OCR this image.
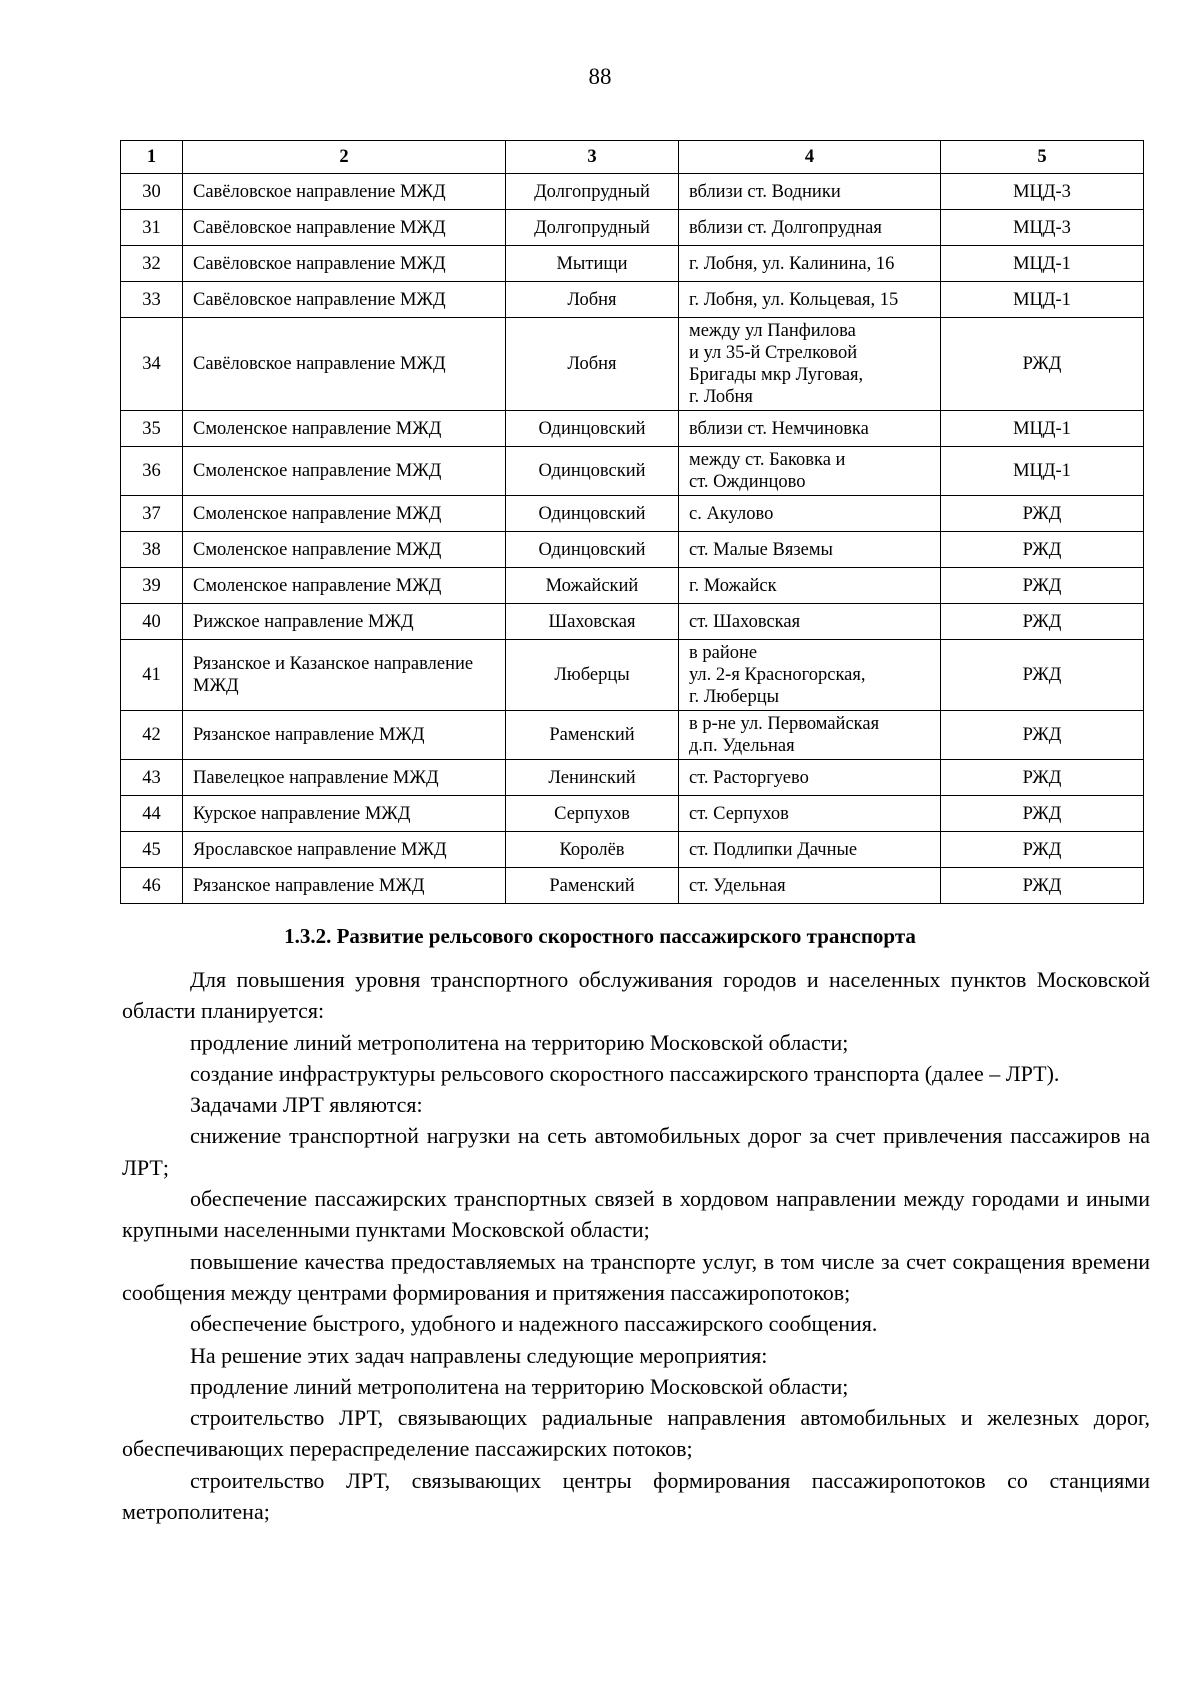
88
1	2	3	4	5
30	Савёловское направление МЖД	Долгопрудный	вблизи ст. Водники	МЦД-3
31	Савёловское направление МЖД	Долгопрудный	вблизи ст. Долгопрудная	МЦД-3
32	Савёловское направление МЖД	Мытищи	г. Лобня, ул. Калинина, 16	МЦД-1
33	Савёловское направление МЖД	Лобня	г. Лобня, ул. Кольцевая, 15	МЦД-1
34	Савёловское направление МЖД	Лобня	между ул Панфилова
и ул 35-й Стрелковой
Бригады мкр Луговая,
г. Лобня	РЖД
35	Смоленское направление МЖД	Одинцовский	вблизи ст. Немчиновка	МЦД-1
36	Смоленское направление МЖД	Одинцовский	между ст. Баковка и
ст. Ождинцово	МЦД-1
37	Смоленское направление МЖД	Одинцовский	с. Акулово	РЖД
38	Смоленское направление МЖД	Одинцовский	ст. Малые Вяземы	РЖД
39	Смоленское направление МЖД	Можайский	г. Можайск	РЖД
40	Рижское направление МЖД	Шаховская	ст. Шаховская	РЖД
41	Рязанское и Казанское направление МЖД	Люберцы	в районе
ул. 2-я Красногорская,
г. Люберцы	РЖД
42	Рязанское направление МЖД	Раменский	в р-не ул. Первомайская
д.п. Удельная	РЖД
43	Павелецкое направление МЖД	Ленинский	ст. Расторгуево	РЖД
44	Курское направление МЖД	Серпухов	ст. Серпухов	РЖД
45	Ярославское направление МЖД	Королёв	ст. Подлипки Дачные	РЖД
46	Рязанское направление МЖД	Раменский	ст. Удельная	РЖД
1.3.2. Развитие рельсового скоростного пассажирского транспорта

Для повышения уровня транспортного обслуживания городов и населенных пунктов Московской области планируется:

продление линий метрополитена на территорию Московской области;

создание инфраструктуры рельсового скоростного пассажирского транспорта (далее – ЛРТ).

Задачами ЛРТ являются:

снижение транспортной нагрузки на сеть автомобильных дорог за счет привлечения пассажиров на ЛРТ;

обеспечение пассажирских транспортных связей в хордовом направлении между городами и иными крупными населенными пунктами Московской области;

повышение качества предоставляемых на транспорте услуг, в том числе за счет сокращения времени сообщения между центрами формирования и притяжения пассажиропотоков;

обеспечение быстрого, удобного и надежного пассажирского сообщения.

На решение этих задач направлены следующие мероприятия:

продление линий метрополитена на территорию Московской области;

строительство ЛРТ, связывающих радиальные направления автомобильных и железных дорог, обеспечивающих перераспределение пассажирских потоков;

строительство ЛРТ, связывающих центры формирования пассажиропотоков со станциями метрополитена;
